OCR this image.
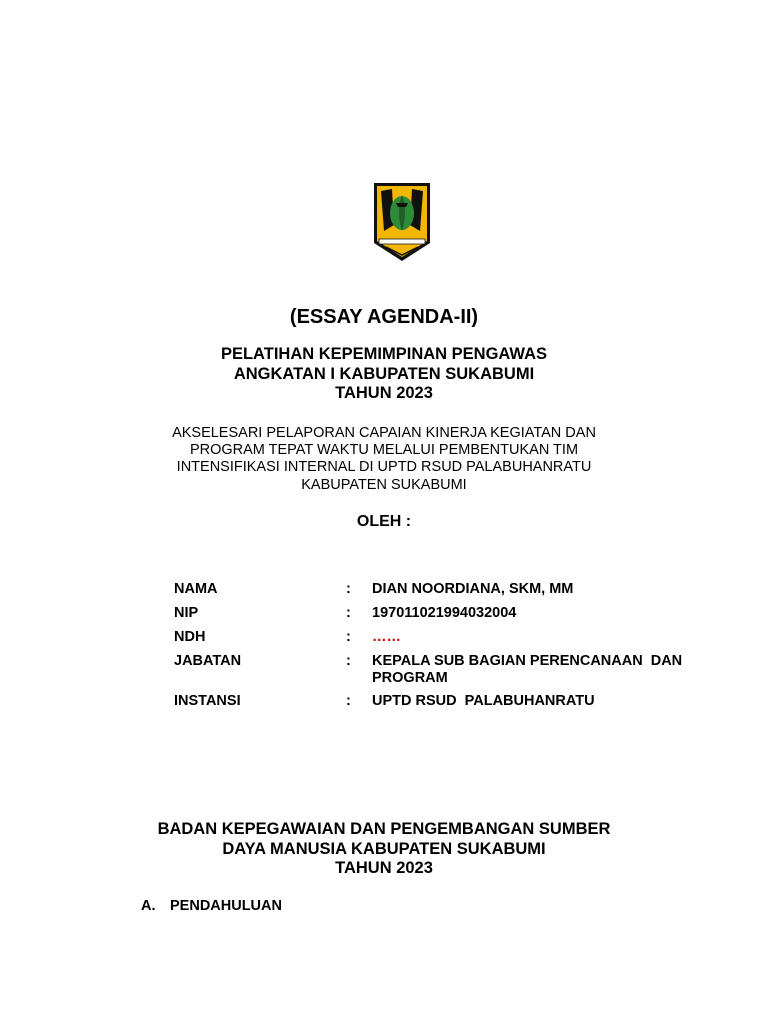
(ESSAY AGENDA-II)
PELATIHAN KEPEMIMPINAN PENGAWAS
ANGKATAN I KABUPATEN SUKABUMI
TAHUN 2023
AKSELESARI PELAPORAN CAPAIAN KINERJA KEGIATAN DAN
PROGRAM TEPAT WAKTU MELALUI PEMBENTUKAN TIM
INTENSIFIKASI INTERNAL DI UPTD RSUD PALABUHANRATU
KABUPATEN SUKABUMI
OLEH :
NAMA	: DIAN NOORDIANA, SKM, MM
NIP	: 197011021994032004
NDH	: ……
JABATAN	: KEPALA SUB BAGIAN PERENCANAAN  DAN
PROGRAM
INSTANSI	: UPTD RSUD  PALABUHANRATU
BADAN KEPEGAWAIAN DAN PENGEMBANGAN SUMBER
DAYA MANUSIA KABUPATEN SUKABUMI
TAHUN 2023
A. PENDAHULUAN
